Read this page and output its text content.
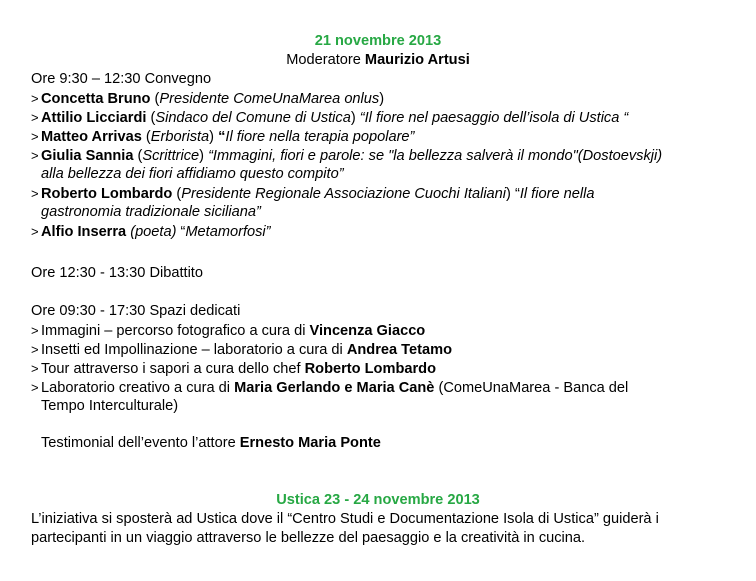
21 novembre 2013
Moderatore Maurizio Artusi
Ore 9:30 – 12:30 Convegno
> Concetta Bruno (Presidente ComeUnaMarea onlus)
> Attilio Licciardi (Sindaco del Comune di Ustica) “Il fiore nel paesaggio dell’isola di Ustica “
> Matteo Arrivas (Erborista) “Il fiore nella terapia popolare”
> Giulia Sannia (Scrittrice) “Immagini, fiori e parole: se "la bellezza salverà il mondo"(Dostoevskji)
alla bellezza dei fiori affidiamo questo compito”
> Roberto Lombardo (Presidente Regionale Associazione Cuochi Italiani) “Il fiore nella
gastronomia tradizionale siciliana”
> Alfio Inserra (poeta) “Metamorfosi”
Ore 12:30 - 13:30 Dibattito
Ore 09:30 - 17:30 Spazi dedicati
> Immagini – percorso fotografico a cura di Vincenza Giacco
> Insetti ed Impollinazione – laboratorio a cura di Andrea Tetamo
> Tour attraverso i sapori a cura dello chef Roberto Lombardo
> Laboratorio creativo a cura di Maria Gerlando e Maria Canè (ComeUnaMarea - Banca del
Tempo Interculturale)
Testimonial dell’evento l’attore Ernesto Maria Ponte
Ustica 23 - 24 novembre 2013
L’iniziativa si sposterà ad Ustica dove il “Centro Studi e Documentazione Isola di Ustica” guiderà i
partecipanti in un viaggio attraverso le bellezze del paesaggio e la creatività in cucina.
